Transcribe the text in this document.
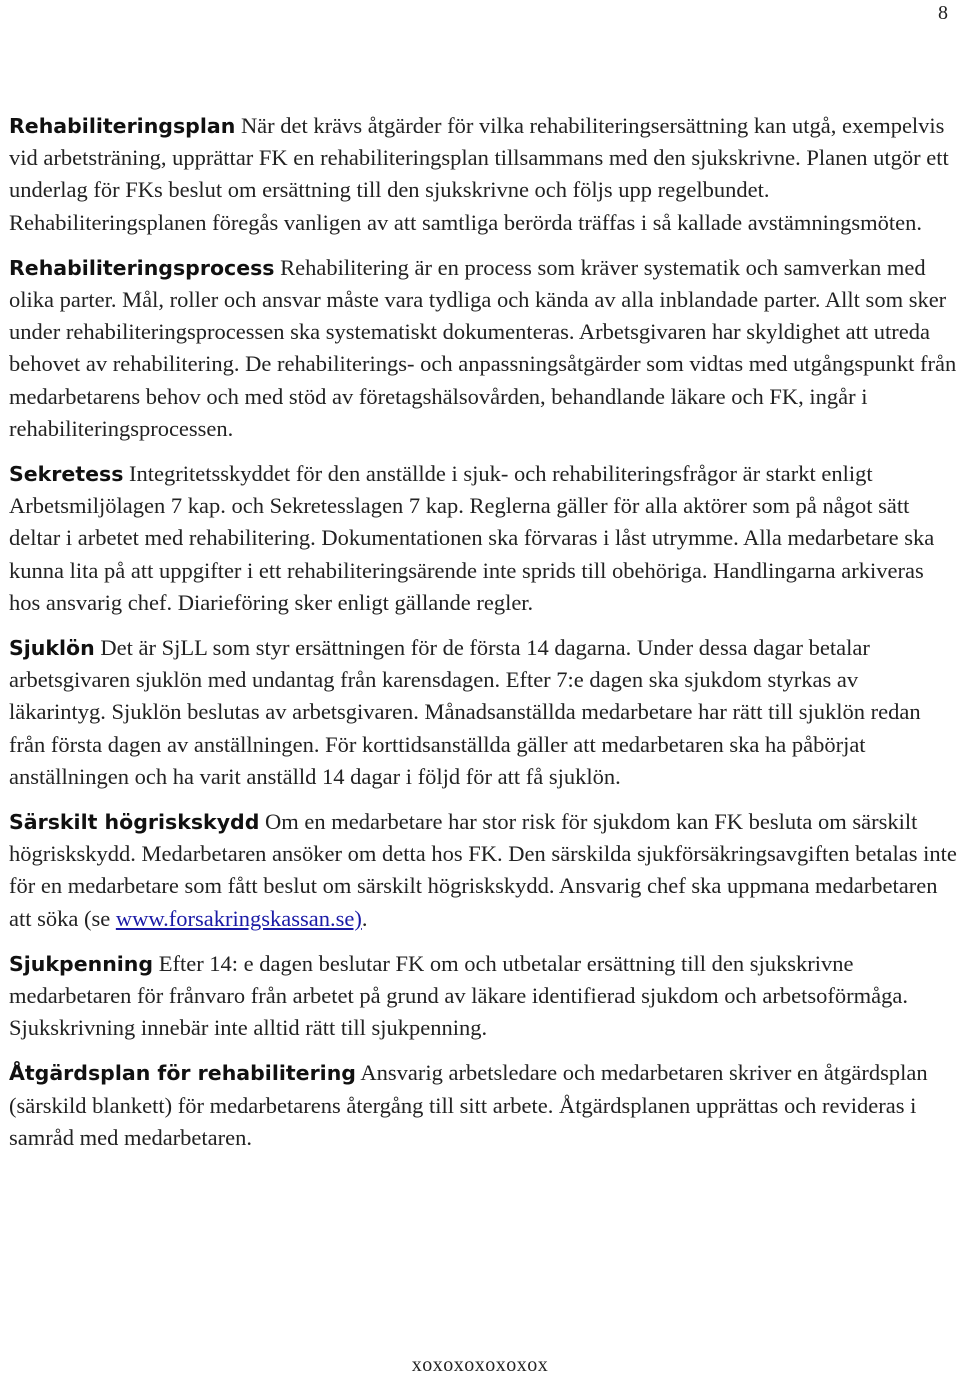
8

Rehabiliteringsplan När det krävs åtgärder för vilka rehabiliteringsersättning kan utgå, exempelvis vid arbetsträning, upprättar FK en rehabiliteringsplan tillsammans med den sjukskrivne. Planen utgör ett underlag för FKs beslut om ersättning till den sjukskrivne och följs upp regelbundet. Rehabiliteringsplanen föregås vanligen av att samtliga berörda träffas i så kallade avstämningsmöten.

Rehabiliteringsprocess Rehabilitering är en process som kräver systematik och samverkan med olika parter. Mål, roller och ansvar måste vara tydliga och kända av alla inblandade parter. Allt som sker under rehabiliteringsprocessen ska systematiskt dokumenteras. Arbetsgivaren har skyldighet att utreda behovet av rehabilitering. De rehabiliterings- och anpassningsåtgärder som vidtas med utgångspunkt från medarbetarens behov och med stöd av företagshälsovården, behandlande läkare och FK, ingår i rehabiliteringsprocessen.

Sekretess Integritetsskyddet för den anställde i sjuk- och rehabiliteringsfrågor är starkt enligt Arbetsmiljölagen 7 kap. och Sekretesslagen 7 kap. Reglerna gäller för alla aktörer som på något sätt deltar i arbetet med rehabilitering. Dokumentationen ska förvaras i låst utrymme. Alla medarbetare ska kunna lita på att uppgifter i ett rehabiliteringsärende inte sprids till obehöriga. Handlingarna arkiveras hos ansvarig chef. Diarieföring sker enligt gällande regler.

Sjuklön Det är SjLL som styr ersättningen för de första 14 dagarna. Under dessa dagar betalar arbetsgivaren sjuklön med undantag från karensdagen. Efter 7:e dagen ska sjukdom styrkas av läkarintyg. Sjuklön beslutas av arbetsgivaren. Månadsanställda medarbetare har rätt till sjuklön redan från första dagen av anställningen. För korttidsanställda gäller att medarbetaren ska ha påbörjat anställningen och ha varit anställd 14 dagar i följd för att få sjuklön.

Särskilt högriskskydd Om en medarbetare har stor risk för sjukdom kan FK besluta om särskilt högriskskydd. Medarbetaren ansöker om detta hos FK. Den särskilda sjukförsäkringsavgiften betalas inte för en medarbetare som fått beslut om särskilt högriskskydd. Ansvarig chef ska uppmana medarbetaren att söka (se www.forsakringskassan.se).

Sjukpenning Efter 14: e dagen beslutar FK om och utbetalar ersättning till den sjukskrivne medarbetaren för frånvaro från arbetet på grund av läkare identifierad sjukdom och arbetsoförmåga. Sjukskrivning innebär inte alltid rätt till sjukpenning.

Åtgärdsplan för rehabilitering Ansvarig arbetsledare och medarbetaren skriver en åtgärdsplan (särskild blankett) för medarbetarens återgång till sitt arbete. Åtgärdsplanen upprättas och revideras i samråd med medarbetaren.

xoxoxoxoxoxox
